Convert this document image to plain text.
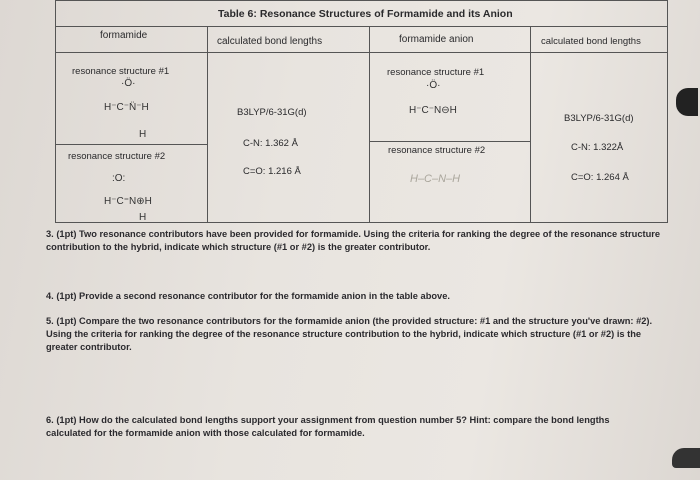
Table 6: Resonance Structures of Formamide and its Anion
formamide
calculated bond lengths	formamide anion	calculated bond lengths
resonance structure #1
·Ö·
H⁻C⁻N̈⁻H
H
resonance structure #2
:O:
H⁻C⁼N⊕H
H
B3LYP/6-31G(d)
C-N: 1.362 Å
C=O: 1.216 Å
resonance structure #1
·Ö·
H⁻C⁻N⊖H
resonance structure #2
H–C–N–H
B3LYP/6-31G(d)
C-N: 1.322Å
C=O: 1.264 Å
3. (1pt) Two resonance contributors have been provided for formamide. Using the criteria for ranking the degree of the resonance structure contribution to the hybrid, indicate which structure (#1 or #2) is the greater contributor.
4. (1pt) Provide a second resonance contributor for the formamide anion in the table above.
5. (1pt) Compare the two resonance contributors for the formamide anion (the provided structure: #1 and the structure you've drawn: #2). Using the criteria for ranking the degree of the resonance structure contribution to the hybrid, indicate which structure (#1 or #2) is the greater contributor.
6. (1pt) How do the calculated bond lengths support your assignment from question number 5? Hint: compare the bond lengths calculated for the formamide anion with those calculated for formamide.
